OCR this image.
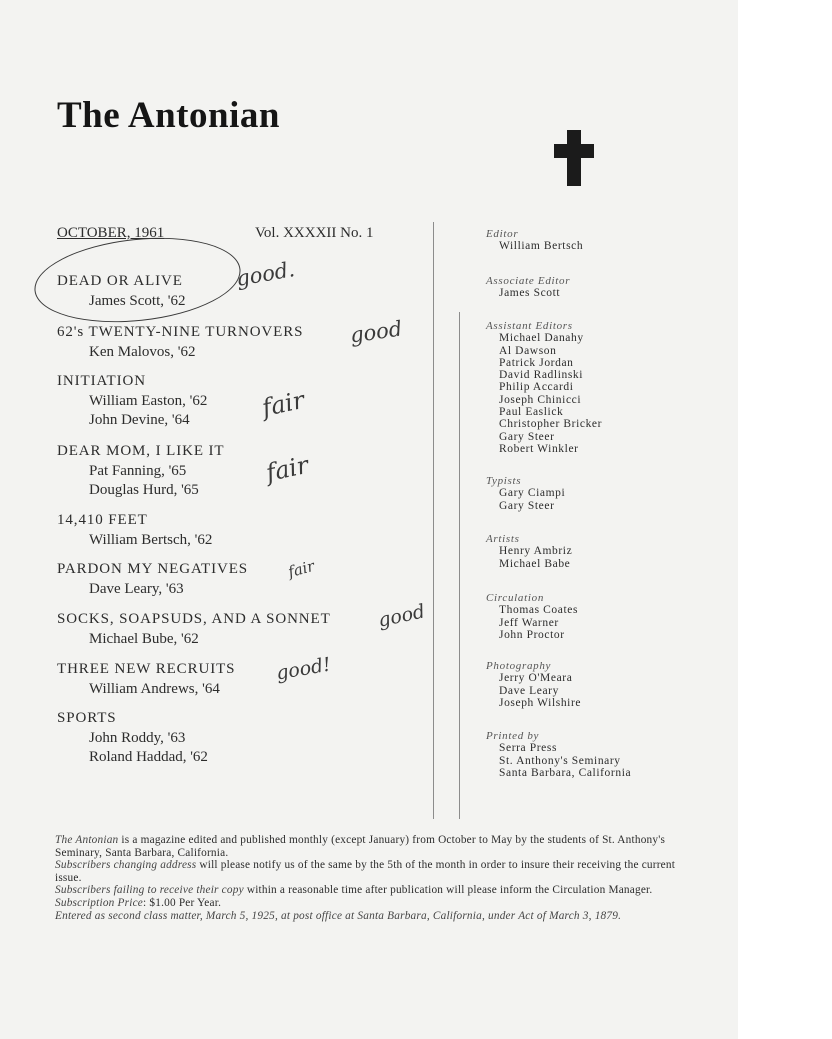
The Antonian
OCTOBER, 1961	Vol. XXXXII No. 1
DEAD OR ALIVE
James Scott, '62
62's TWENTY-NINE TURNOVERS
Ken Malovos, '62
INITIATION
William Easton, '62
John Devine, '64
DEAR MOM, I LIKE IT
Pat Fanning, '65
Douglas Hurd, '65
14,410 FEET
William Bertsch, '62
PARDON MY NEGATIVES
Dave Leary, '63
SOCKS, SOAPSUDS, AND A SONNET
Michael Bube, '62
THREE NEW RECRUITS
William Andrews, '64
SPORTS
John Roddy, '63
Roland Haddad, '62
good.
good
fair
fair
fair
good
good!
Editor
William Bertsch
Associate Editor
James Scott
Assistant Editors
Michael Danahy
Al Dawson
Patrick Jordan
David Radlinski
Philip Accardi
Joseph Chinicci
Paul Easlick
Christopher Bricker
Gary Steer
Robert Winkler
Typists
Gary Ciampi
Gary Steer
Artists
Henry Ambriz
Michael Babe
Circulation
Thomas Coates
Jeff Warner
John Proctor
Photography
Jerry O'Meara
Dave Leary
Joseph Wilshire
Printed by
Serra Press
St. Anthony's Seminary
Santa Barbara, California
The Antonian is a magazine edited and published monthly (except January) from October to May by the students of St. Anthony's Seminary, Santa Barbara, California.
Subscribers changing address will please notify us of the same by the 5th of the month in order to insure their receiving the current issue.
Subscribers failing to receive their copy within a reasonable time after publication will please inform the Circulation Manager.
Subscription Price: $1.00 Per Year.
Entered as second class matter, March 5, 1925, at post office at Santa Barbara, California, under Act of March 3, 1879.
